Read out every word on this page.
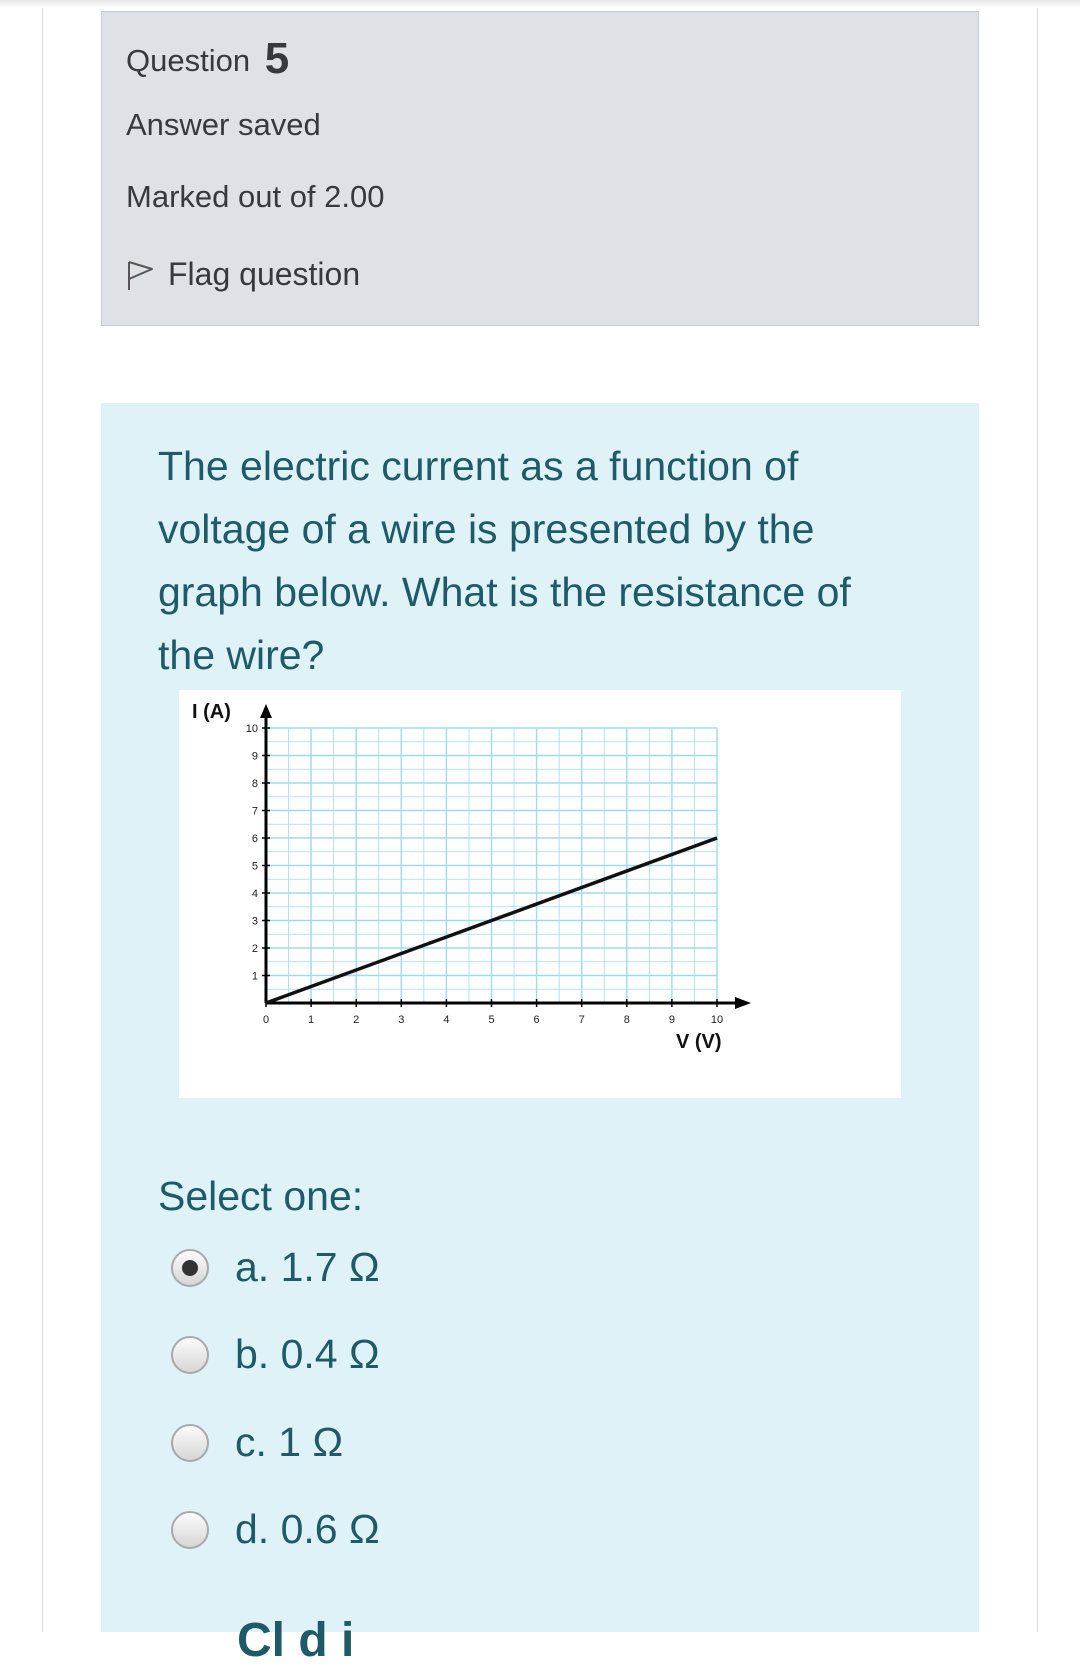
Question 5
Answer saved
Marked out of 2.00
Flag question
The electric current as a function of voltage of a wire is presented by the graph below. What is the resistance of the wire?
0	1	2	3	4	5	6	7	8	9	10
1
2
3
4
5
6
7
8
9
10
I (A)
V (V)
Select one:
a. 1.7 Ω
b. 0.4 Ω
c. 1 Ω
d. 0.6 Ω
Cl d i
